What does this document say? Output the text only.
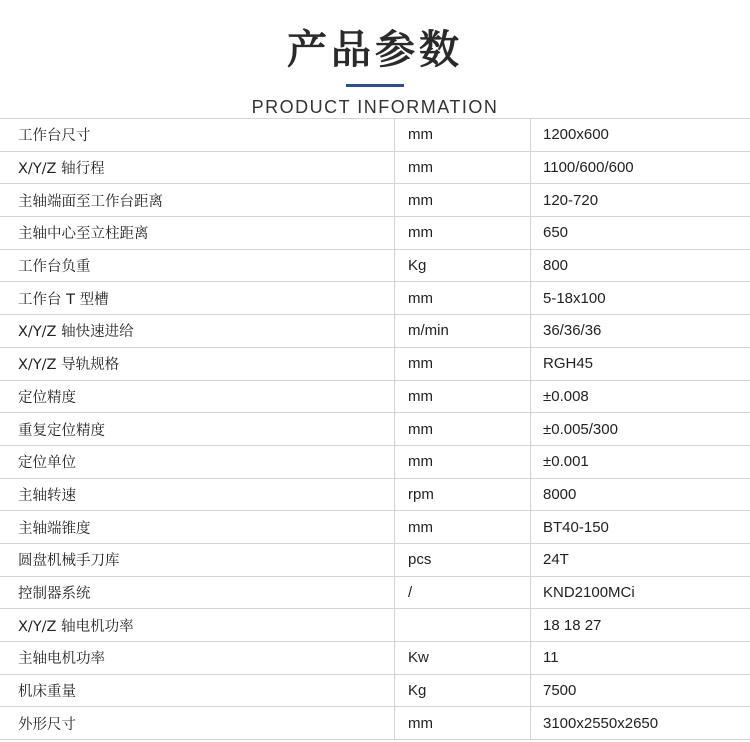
产品参数
PRODUCT INFORMATION
工作台尺寸	mm	1200x600
X/Y/Z 轴行程	mm	1100/600/600
主轴端面至工作台距离	mm	120-720
主轴中心至立柱距离	mm	650
工作台负重	Kg	800
工作台 T 型槽	mm	5-18x100
X/Y/Z 轴快速进给	m/min	36/36/36
X/Y/Z 导轨规格	mm	RGH45
定位精度	mm	±0.008
重复定位精度	mm	±0.005/300
定位单位	mm	±0.001
主轴转速	rpm	8000
主轴端锥度	mm	BT40-150
圆盘机械手刀库	pcs	24T
控制器系统	/	KND2100MCi
X/Y/Z 轴电机功率		18 18 27
主轴电机功率	Kw	11
机床重量	Kg	7500
外形尺寸	mm	3100x2550x2650
